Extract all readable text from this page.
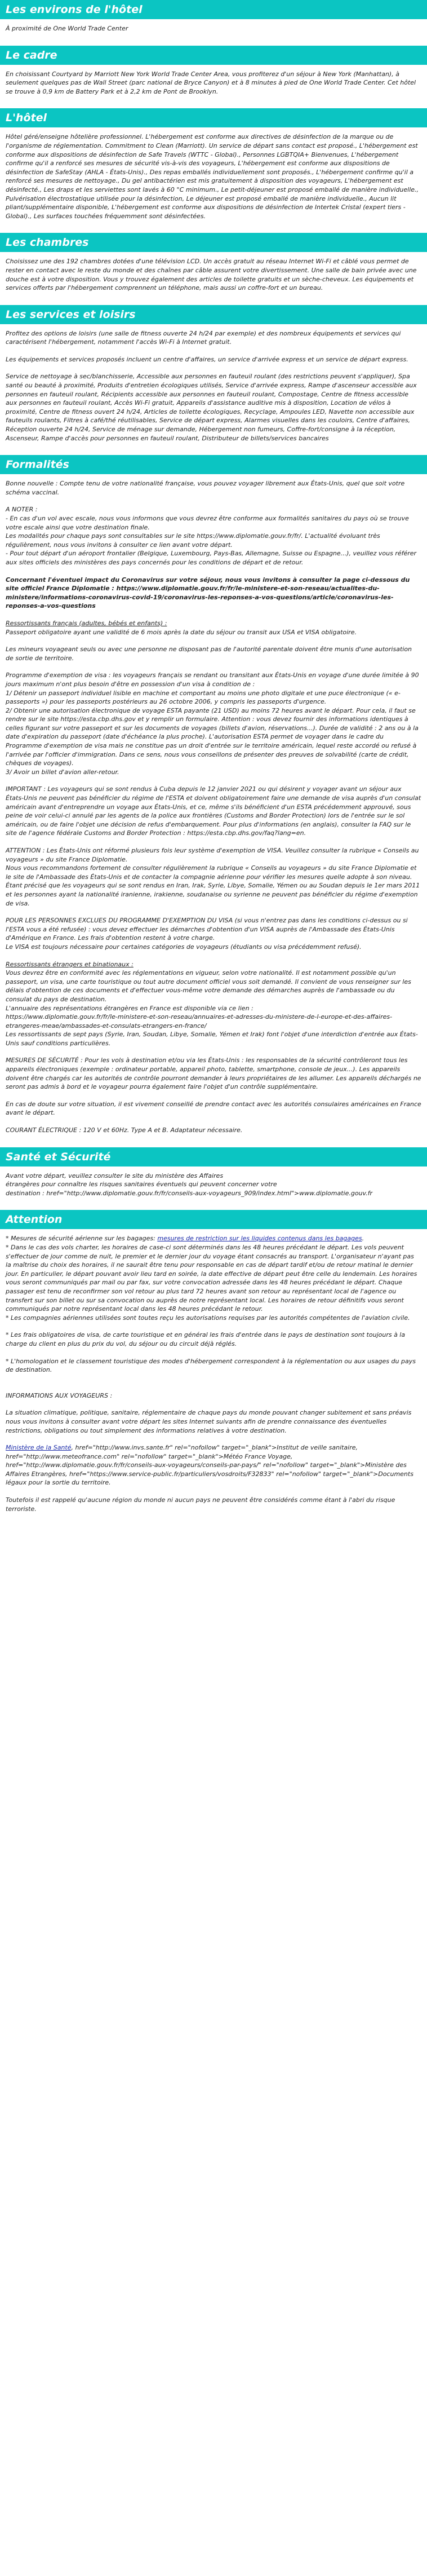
Les environs de l'hôtel

À proximité de One World Trade Center

Le cadre

En choisissant Courtyard by Marriott New York World Trade Center Area, vous profiterez d'un séjour à New York (Manhattan), à seulement quelques pas de Wall Street (parc national de Bryce Canyon) et à 8 minutes à pied de One World Trade Center. Cet hôtel se trouve à 0,9 km de Battery Park et à 2,2 km de Pont de Brooklyn.

L'hôtel

Hôtel géré/enseigne hôtelière professionnel. L'hébergement est conforme aux directives de désinfection de la marque ou de l'organisme de réglementation. Commitment to Clean (Marriott). Un service de départ sans contact est proposé., L'hébergement est conforme aux dispositions de désinfection de Safe Travels (WTTC - Global)., Personnes LGBTQIA+ Bienvenues, L'hébergement confirme qu'il a renforcé ses mesures de sécurité vis-à-vis des voyageurs, L'hébergement est conforme aux dispositions de désinfection de SafeStay (AHLA - États-Unis)., Des repas emballés individuellement sont proposés., L'hébergement confirme qu'il a renforcé ses mesures de nettoyage., Du gel antibactérien est mis gratuitement à disposition des voyageurs, L'hébergement est désinfecté., Les draps et les serviettes sont lavés à 60 °C minimum., Le petit-déjeuner est proposé emballé de manière individuelle., Pulvérisation électrostatique utilisée pour la désinfection, Le déjeuner est proposé emballé de manière individuelle., Aucun lit pliant/supplémentaire disponible, L'hébergement est conforme aux dispositions de désinfection de Intertek Cristal (expert tiers - Global)., Les surfaces touchées fréquemment sont désinfectées.

Les chambres

Choisissez une des 192 chambres dotées d'une télévision LCD. Un accès gratuit au réseau Internet Wi-Fi et câblé vous permet de rester en contact avec le reste du monde et des chaînes par câble assurent votre divertissement. Une salle de bain privée avec une douche est à votre disposition. Vous y trouvez également des articles de toilette gratuits et un sèche-cheveux. Les équipements et services offerts par l'hébergement comprennent un téléphone, mais aussi un coffre-fort et un bureau.

Les services et loisirs

Profitez des options de loisirs (une salle de fitness ouverte 24 h/24 par exemple) et des nombreux équipements et services qui caractérisent l'hébergement, notamment l'accès Wi-Fi à Internet gratuit.

Les équipements et services proposés incluent un centre d'affaires, un service d'arrivée express et un service de départ express.

Service de nettoyage à sec/blanchisserie, Accessible aux personnes en fauteuil roulant (des restrictions peuvent s'appliquer), Spa santé ou beauté à proximité, Produits d'entretien écologiques utilisés, Service d'arrivée express, Rampe d'ascenseur accessible aux personnes en fauteuil roulant, Récipients accessible aux personnes en fauteuil roulant, Compostage, Centre de fitness accessible aux personnes en fauteuil roulant, Accès Wi-Fi gratuit, Appareils d'assistance auditive mis à disposition, Location de vélos à proximité, Centre de fitness ouvert 24 h/24, Articles de toilette écologiques, Recyclage, Ampoules LED, Navette non accessible aux fauteuils roulants, Filtres à café/thé réutilisables, Service de départ express, Alarmes visuelles dans les couloirs, Centre d'affaires, Réception ouverte 24 h/24, Service de ménage sur demande, Hébergement non fumeurs, Coffre-fort/consigne à la réception, Ascenseur, Rampe d'accès pour personnes en fauteuil roulant, Distributeur de billets/services bancaires

Formalités

Bonne nouvelle : Compte tenu de votre nationalité française, vous pouvez voyager librement aux États-Unis, quel que soit votre schéma vaccinal.

A NOTER :

- En cas d'un vol avec escale, nous vous informons que vous devrez être conforme aux formalités sanitaires du pays où se trouve votre escale ainsi que votre destination finale.

Les modalités pour chaque pays sont consultables sur le site https://www.diplomatie.gouv.fr/fr/. L'actualité évoluant très régulièrement, nous vous invitons à consulter ce lien avant votre départ.

- Pour tout départ d'un aéroport frontalier (Belgique, Luxembourg, Pays-Bas, Allemagne, Suisse ou Espagne...), veuillez vous référer aux sites officiels des ministères des pays concernés pour les conditions de départ et de retour.

Concernant l'éventuel impact du Coronavirus sur votre séjour, nous vous invitons à consulter la page ci-dessous du site officiel France Diplomatie : https://www.diplomatie.gouv.fr/fr/le-ministere-et-son-reseau/actualites-du-ministere/informations-coronavirus-covid-19/coronavirus-les-reponses-a-vos-questions/article/coronavirus-les-reponses-a-vos-questions

Ressortissants français (adultes, bébés et enfants) :

Passeport obligatoire ayant une validité de 6 mois après la date du séjour ou transit aux USA et VISA obligatoire.

Les mineurs voyageant seuls ou avec une personne ne disposant pas de l'autorité parentale doivent être munis d'une autorisation de sortie de territoire.

Programme d'exemption de visa : les voyageurs français se rendant ou transitant aux États-Unis en voyage d'une durée limitée à 90 jours maximum n'ont plus besoin d'être en possession d'un visa à condition de :

1/ Détenir un passeport individuel lisible en machine et comportant au moins une photo digitale et une puce électronique (« e-passeports ») pour les passeports postérieurs au 26 octobre 2006, y compris les passeports d'urgence.

2/ Obtenir une autorisation électronique de voyage ESTA payante (21 USD) au moins 72 heures avant le départ. Pour cela, il faut se rendre sur le site https://esta.cbp.dhs.gov et y remplir un formulaire. Attention : vous devez fournir des informations identiques à celles figurant sur votre passeport et sur les documents de voyages (billets d'avion, réservations...). Durée de validité : 2 ans ou à la date d'expiration du passeport (date d'échéance la plus proche). L'autorisation ESTA permet de voyager dans le cadre du Programme d'exemption de visa mais ne constitue pas un droit d'entrée sur le territoire américain, lequel reste accordé ou refusé à l'arrivée par l'officier d'immigration. Dans ce sens, nous vous conseillons de présenter des preuves de solvabilité (carte de crédit, chèques de voyages).

3/ Avoir un billet d'avion aller-retour.

IMPORTANT : Les voyageurs qui se sont rendus à Cuba depuis le 12 janvier 2021 ou qui désirent y voyager avant un séjour aux États-Unis ne peuvent pas bénéficier du régime de l'ESTA et doivent obligatoirement faire une demande de visa auprès d'un consulat américain avant d'entreprendre un voyage aux États-Unis, et ce, même s'ils bénéficient d'un ESTA précédemment approuvé, sous peine de voir celui-ci annulé par les agents de la police aux frontières (Customs and Border Protection) lors de l'entrée sur le sol américain, ou de faire l'objet une décision de refus d'embarquement. Pour plus d'informations (en anglais), consulter la FAQ sur le site de l'agence fédérale Customs and Border Protection : https://esta.cbp.dhs.gov/faq?lang=en.

ATTENTION : Les États-Unis ont réformé plusieurs fois leur système d'exemption de VISA. Veuillez consulter la rubrique « Conseils au voyageurs » du site France Diplomatie.

Nous vous recommandons fortement de consulter régulièrement la rubrique « Conseils au voyageurs » du site France Diplomatie et le site de l'Ambassade des États-Unis et de contacter la compagnie aérienne pour vérifier les mesures quelle adopte à son niveau.

Étant précisé que les voyageurs qui se sont rendus en Iran, Irak, Syrie, Libye, Somalie, Yémen ou au Soudan depuis le 1er mars 2011 et les personnes ayant la nationalité iranienne, irakienne, soudanaise ou syrienne ne peuvent pas bénéficier du régime d'exemption de visa.

POUR LES PERSONNES EXCLUES DU PROGRAMME D'EXEMPTION DU VISA (si vous n'entrez pas dans les conditions ci-dessus ou si l'ESTA vous a été refusée) : vous devez effectuer les démarches d'obtention d'un VISA auprès de l'Ambassade des États-Unis d'Amérique en France. Les frais d'obtention restent à votre charge.

Le VISA est toujours nécessaire pour certaines catégories de voyageurs (étudiants ou visa précédemment refusé).

Ressortissants étrangers et binationaux :

Vous devrez être en conformité avec les réglementations en vigueur, selon votre nationalité. Il est notamment possible qu'un passeport, un visa, une carte touristique ou tout autre document officiel vous soit demandé. Il convient de vous renseigner sur les délais d'obtention de ces documents et d'effectuer vous-même votre demande des démarches auprès de l'ambassade ou du consulat du pays de destination.

L'annuaire des représentations étrangères en France est disponible via ce lien :

https://www.diplomatie.gouv.fr/fr/le-ministere-et-son-reseau/annuaires-et-adresses-du-ministere-de-l-europe-et-des-affaires-etrangeres-meae/ambassades-et-consulats-etrangers-en-france/

Les ressortissants de sept pays (Syrie, Iran, Soudan, Libye, Somalie, Yémen et Irak) font l'objet d'une interdiction d'entrée aux États-Unis sauf conditions particulières.

MESURES DE SÉCURITÉ : Pour les vols à destination et/ou via les États-Unis : les responsables de la sécurité contrôleront tous les appareils électroniques (exemple : ordinateur portable, appareil photo, tablette, smartphone, console de jeux...). Les appareils doivent être chargés car les autorités de contrôle pourront demander à leurs propriétaires de les allumer. Les appareils déchargés ne seront pas admis à bord et le voyageur pourra également faire l'objet d'un contrôle supplémentaire.

En cas de doute sur votre situation, il est vivement conseillé de prendre contact avec les autorités consulaires américaines en France avant le départ.

COURANT ÉLECTRIQUE : 120 V et 60Hz. Type A et B. Adaptateur nécessaire.

Santé et Sécurité

Avant votre départ, veuillez consulter le site du ministère des Affaires

étrangères pour connaître les risques sanitaires éventuels qui peuvent concerner votre

destination : href="http://www.diplomatie.gouv.fr/fr/conseils-aux-voyageurs_909/index.html">www.diplomatie.gouv.fr

Attention

* Mesures de sécurité aérienne sur les bagages: mesures de restriction sur les liquides contenus dans les bagages.

* Dans le cas des vols charter, les horaires de case-ci sont déterminés dans les 48 heures précédant le départ. Les vols peuvent s'effectuer de jour comme de nuit, le premier et le dernier jour du voyage étant consacrés au transport. L'organisateur n'ayant pas la maîtrise du choix des horaires, il ne saurait être tenu pour responsable en cas de départ tardif et/ou de retour matinal le dernier jour. En particulier, le départ pouvant avoir lieu tard en soirée, la date effective de départ peut être celle du lendemain. Les horaires vous seront communiqués par mail ou par fax, sur votre convocation adressée dans les 48 heures précédant le départ. Chaque passager est tenu de reconfirmer son vol retour au plus tard 72 heures avant son retour au représentant local de l'agence ou transfert sur son billet ou sur sa convocation ou auprès de notre représentant local. Les horaires de retour définitifs vous seront communiqués par notre représentant local dans les 48 heures précédant le retour.

* Les compagnies aériennes utilisées sont toutes reçu les autorisations requises par les autorités compétentes de l'aviation civile.

* Les frais obligatoires de visa, de carte touristique et en général les frais d'entrée dans le pays de destination sont toujours à la charge du client en plus du prix du vol, du séjour ou du circuit déjà réglés.

* L'homologation et le classement touristique des modes d'hébergement correspondent à la réglementation ou aux usages du pays de destination.

INFORMATIONS AUX VOYAGEURS :

La situation climatique, politique, sanitaire, réglementaire de chaque pays du monde pouvant changer subitement et sans préavis

nous vous invitons à consulter avant votre départ les sites Internet suivants afin de prendre connaissance des éventuelles restrictions, obligations ou tout simplement des informations relatives à votre destination.

Ministère de la Santé, href="http://www.invs.sante.fr" rel="nofollow" target="_blank">Institut de veille sanitaire, href="http://www.meteofrance.com" rel="nofollow" target="_blank">Météo France Voyage, href="http://www.diplomatie.gouv.fr/fr/conseils-aux-voyageurs/conseils-par-pays/" rel="nofollow" target="_blank">Ministère des Affaires Etrangères, href="https://www.service-public.fr/particuliers/vosdroits/F32833" rel="nofollow" target="_blank">Documents légaux pour la sortie du territoire.

Toutefois il est rappelé qu'aucune région du monde ni aucun pays ne peuvent être considérés comme étant à l'abri du risque terroriste.
